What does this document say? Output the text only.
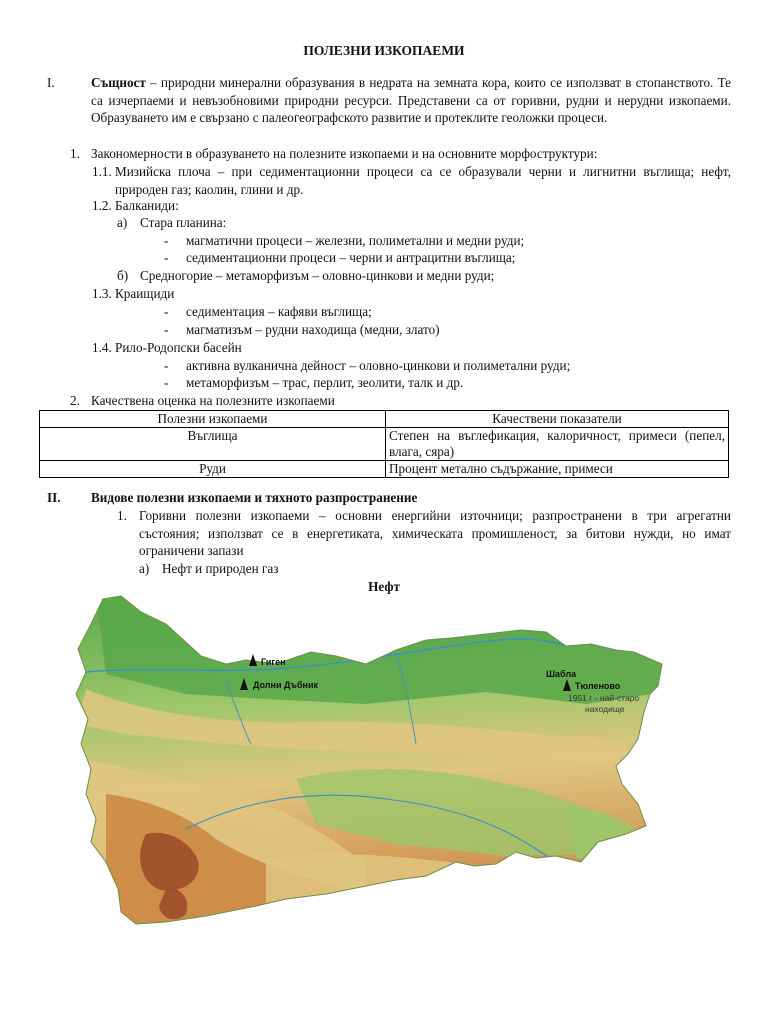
ПОЛЕЗНИ ИЗКОПАЕМИ
I.	Същност – природни минерални образувания в недрата на земната кора, които се използват в стопанството. Те са изчерпаеми и невъзобновими природни ресурси. Представени са от горивни, рудни и нерудни изкопаеми. Образуването им е свързано с палеогеографското развитие и протеклите геоложки процеси.
1. Закономерности в образуването на полезните изкопаеми и на основните морфоструктури:
1.1. Мизийска плоча – при седиментационни процеси са се образували черни и лигнитни въглища; нефт, природен газ; каолин, глини и др.
1.2. Балканиди:
а) Стара планина:
- магматични процеси – железни, полиметални и медни руди;
- седиментационни процеси – черни и антрацитни въглища;
б) Средногорие – метаморфизъм – оловно-цинкови и медни руди;
1.3. Краищиди
- седиментация – кафяви въглища;
- магматизъм – рудни находища (медни, злато)
1.4. Рило-Родопски басейн
- активна вулканична дейност – оловно-цинкови и полиметални руди;
- метаморфизъм – трас, перлит, зеолити, талк и др.
2. Качествена оценка на полезните изкопаеми
Полезни изкопаеми	Качествени показатели
Въглища	Степен на въглефикация, калоричност, примеси (пепел, влага, сяра)
Руди	Процент метално съдържание, примеси
II. Видове полезни изкопаеми и тяхното разпространение
1. Горивни полезни изкопаеми – основни енергийни източници; разпространени в три агрегатни състояния; използват се в енергетиката, химическата промишленост, за битови нужди, но имат ограничени запази
а) Нефт и природен газ
Нефт
Гиген
Долни Дъбник
Шабла
Тюленово
1951 г - най-старо
находище
